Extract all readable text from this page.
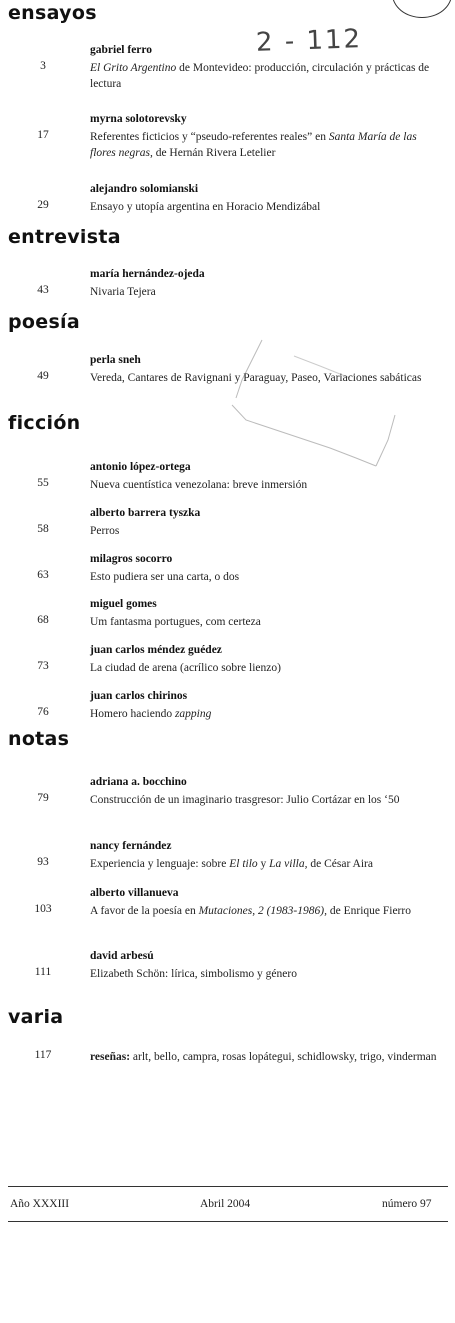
2 - 112
ensayos
gabriel ferro
3	El Grito Argentino de Montevideo: producción, circulación y prácticas de lectura
myrna solotorevsky
17	Referentes ficticios y “pseudo-referentes reales” en Santa María de las flores negras, de Hernán Rivera Letelier
alejandro solomianski
29	Ensayo y utopía argentina en Horacio Mendizábal
entrevista
maría hernández-ojeda
43	Nivaria Tejera
poesía
perla sneh
49	Vereda, Cantares de Ravignani y Paraguay, Paseo, Variaciones sabáticas
ficción
antonio lópez-ortega
55	Nueva cuentística venezolana: breve inmersión
alberto barrera tyszka
58	Perros
milagros socorro
63	Esto pudiera ser una carta, o dos
miguel gomes
68	Um fantasma portugues, com certeza
juan carlos méndez guédez
73	La ciudad de arena (acrílico sobre lienzo)
juan carlos chirinos
76	Homero haciendo zapping
notas
adriana a. bocchino
79	Construcción de un imaginario trasgresor: Julio Cortázar en los ‘50
nancy fernández
93	Experiencia y lenguaje: sobre El tilo y La villa, de César Aira
alberto villanueva
103	A favor de la poesía en Mutaciones, 2 (1983-1986), de Enrique Fierro
david arbesú
111	Elizabeth Schön: lírica, simbolismo y género
varia
117	reseñas: arlt, bello, campra, rosas lopátegui, schidlowsky, trigo, vinderman
Año XXXIII	Abril 2004	número 97
